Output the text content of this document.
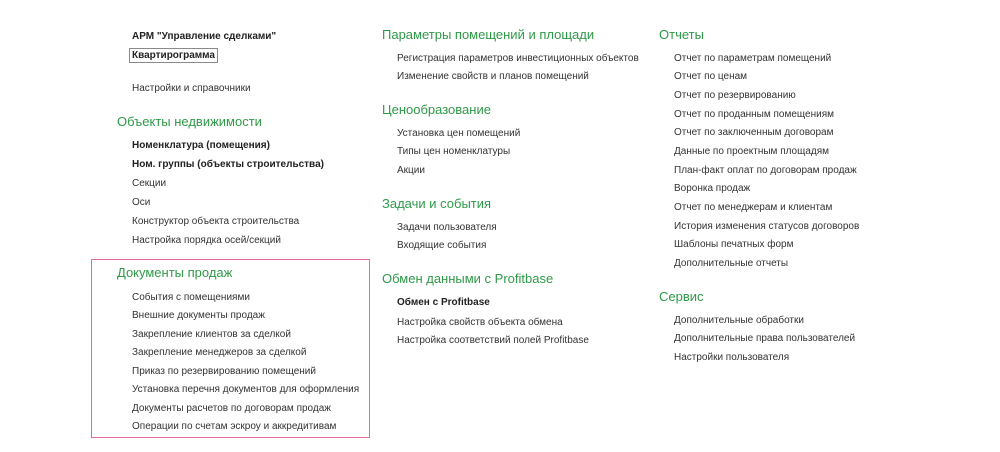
АРМ "Управление сделками"
Квартирограмма
Настройки и справочники
Объекты недвижимости
Номенклатура (помещения)
Ном. группы (объекты строительства)
Секции
Оси
Конструктор объекта строительства
Настройка порядка осей/секций
Документы продаж
События с помещениями
Внешние документы продаж
Закрепление клиентов за сделкой
Закрепление менеджеров за сделкой
Приказ по резервированию помещений
Установка перечня документов для оформления
Документы расчетов по договорам продаж
Операции по счетам эскроу и аккредитивам
Параметры помещений и площади
Регистрация параметров инвестиционных объектов
Изменение свойств и планов помещений
Ценообразование
Установка цен помещений
Типы цен номенклатуры
Акции
Задачи и события
Задачи пользователя
Входящие события
Обмен данными с Profitbase
Обмен с Profitbase
Настройка свойств объекта обмена
Настройка соответствий полей Profitbase
Отчеты
Отчет по параметрам помещений
Отчет по ценам
Отчет по резервированию
Отчет по проданным помещениям
Отчет по заключенным договорам
Данные по проектным площадям
План-факт оплат по договорам продаж
Воронка продаж
Отчет по менеджерам и клиентам
История изменения статусов договоров
Шаблоны печатных форм
Дополнительные отчеты
Сервис
Дополнительные обработки
Дополнительные права пользователей
Настройки пользователя
